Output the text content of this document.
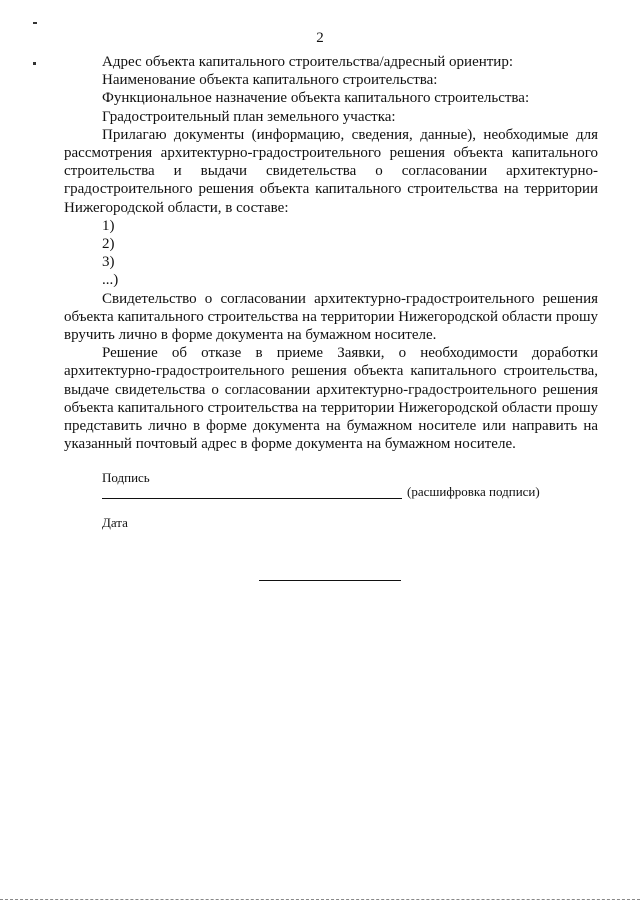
2

Адрес объекта капитального строительства/адресный ориентир:

Наименование объекта капитального строительства:

Функциональное назначение объекта капитального строительства:

Градостроительный план земельного участка:

Прилагаю документы (информацию, сведения, данные), необходимые для рассмотрения архитектурно-градостроительного решения объекта капитального строительства и выдачи свидетельства о согласовании архитектурно-градостроительного решения объекта капитального строительства на территории Нижегородской области, в составе:

1)

2)

3)

...)

Свидетельство о согласовании архитектурно-градостроительного решения объекта капитального строительства на территории Нижегородской области прошу вручить лично в форме документа на бумажном носителе.

Решение об отказе в приеме Заявки, о необходимости доработки архитектурно-градостроительного решения объекта капитального строительства, выдаче свидетельства о согласовании архитектурно-градостроительного решения объекта капитального строительства на территории Нижегородской области прошу представить лично в форме документа на бумажном носителе или направить на указанный почтовый адрес в форме документа на бумажном носителе.

Подпись
(расшифровка подписи)
Дата
